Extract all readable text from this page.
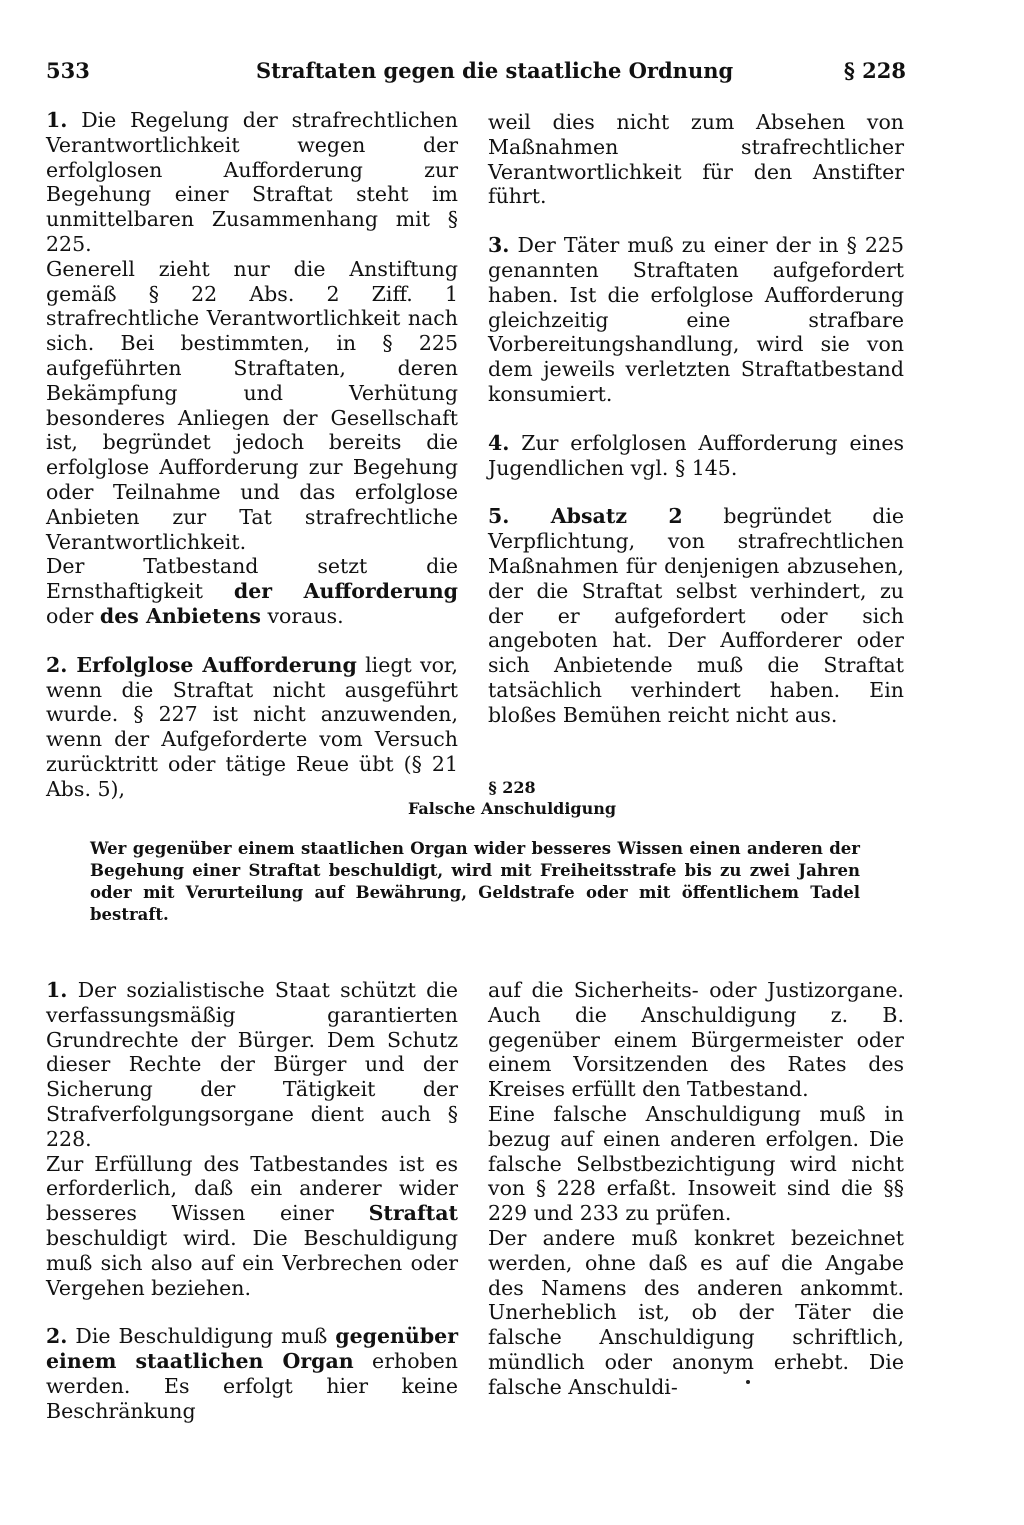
533	Straftaten gegen die staatliche Ordnung	§ 228

1. Die Regelung der strafrechtlichen Verantwortlichkeit wegen der erfolglosen Aufforderung zur Begehung einer Straftat steht im unmittelbaren Zusammenhang mit § 225.

Generell zieht nur die Anstiftung gemäß § 22 Abs. 2 Ziff. 1 strafrechtliche Verantwortlichkeit nach sich. Bei bestimmten, in § 225 aufgeführten Straftaten, deren Bekämpfung und Verhütung besonderes Anliegen der Gesellschaft ist, begründet jedoch bereits die erfolglose Aufforderung zur Begehung oder Teilnahme und das erfolglose Anbieten zur Tat strafrechtliche Verantwortlichkeit.

Der Tatbestand setzt die Ernsthaftigkeit der Aufforderung oder des Anbietens voraus.

2. Erfolglose Aufforderung liegt vor, wenn die Straftat nicht ausgeführt wurde. § 227 ist nicht anzuwenden, wenn der Aufgeforderte vom Versuch zurücktritt oder tätige Reue übt (§ 21 Abs. 5),

weil dies nicht zum Absehen von Maßnahmen strafrechtlicher Verantwortlichkeit für den Anstifter führt.

3. Der Täter muß zu einer der in § 225 genannten Straftaten aufgefordert haben. Ist die erfolglose Aufforderung gleichzeitig eine strafbare Vorbereitungshandlung, wird sie von dem jeweils verletzten Straftatbestand konsumiert.

4. Zur erfolglosen Aufforderung eines Jugendlichen vgl. § 145.

5. Absatz 2 begründet die Verpflichtung, von strafrechtlichen Maßnahmen für denjenigen abzusehen, der die Straftat selbst verhindert, zu der er aufgefordert oder sich angeboten hat. Der Aufforderer oder sich Anbietende muß die Straftat tatsächlich verhindert haben. Ein bloßes Bemühen reicht nicht aus.

§ 228
Falsche Anschuldigung
Wer gegenüber einem staatlichen Organ wider besseres Wissen einen anderen der Begehung einer Straftat beschuldigt, wird mit Freiheitsstrafe bis zu zwei Jahren oder mit Verurteilung auf Bewährung, Geldstrafe oder mit öffentlichem Tadel bestraft.

1. Der sozialistische Staat schützt die verfassungsmäßig garantierten Grundrechte der Bürger. Dem Schutz dieser Rechte der Bürger und der Sicherung der Tätigkeit der Strafverfolgungsorgane dient auch § 228.

Zur Erfüllung des Tatbestandes ist es erforderlich, daß ein anderer wider besseres Wissen einer Straftat beschuldigt wird. Die Beschuldigung muß sich also auf ein Verbrechen oder Vergehen beziehen.

2. Die Beschuldigung muß gegenüber einem staatlichen Organ erhoben werden. Es erfolgt hier keine Beschränkung

auf die Sicherheits- oder Justizorgane. Auch die Anschuldigung z. B. gegenüber einem Bürgermeister oder einem Vorsitzenden des Rates des Kreises erfüllt den Tatbestand.

Eine falsche Anschuldigung muß in bezug auf einen anderen erfolgen. Die falsche Selbstbezichtigung wird nicht von § 228 erfaßt. Insoweit sind die §§ 229 und 233 zu prüfen.

Der andere muß konkret bezeichnet werden, ohne daß es auf die Angabe des Namens des anderen ankommt. Unerheblich ist, ob der Täter die falsche Anschuldigung schriftlich, mündlich oder anonym erhebt. Die falsche Anschuldi-
